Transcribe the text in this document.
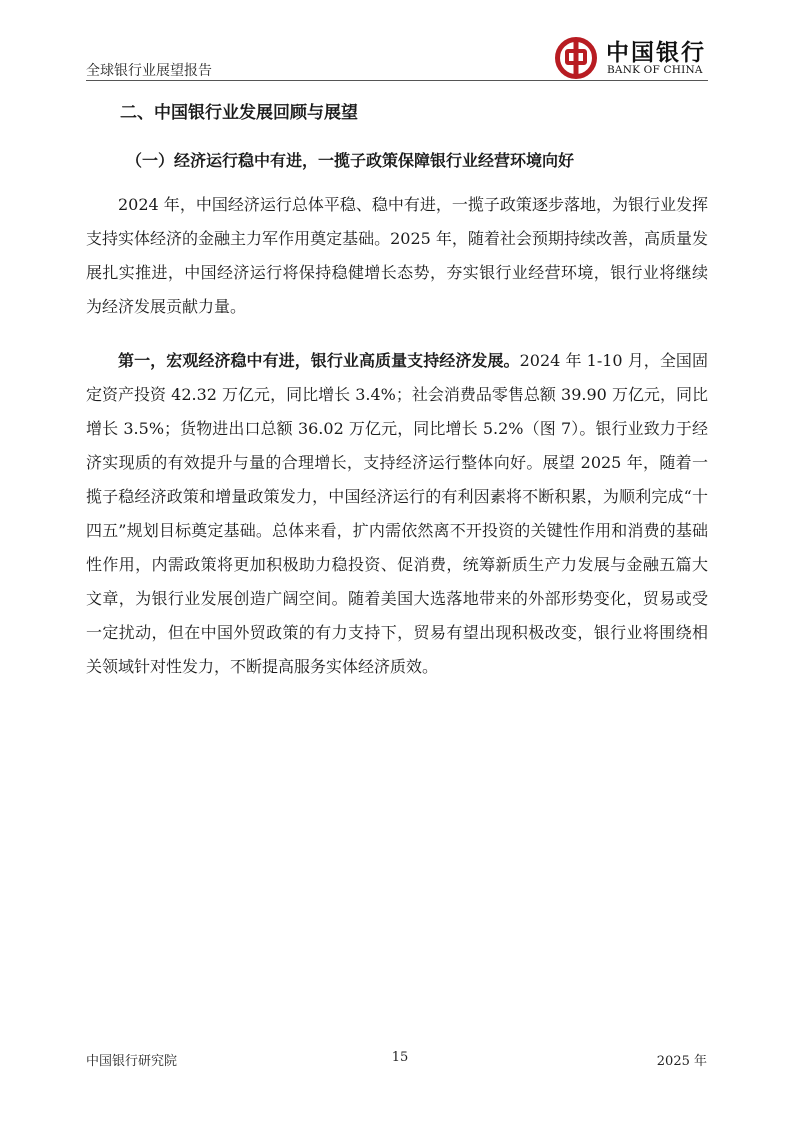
全球银行业展望报告
中国银行
BANK OF CHINA
二、中国银行业发展回顾与展望
（一）经济运行稳中有进，一揽子政策保障银行业经营环境向好
2024 年，中国经济运行总体平稳、稳中有进，一揽子政策逐步落地，为银行业发挥支持实体经济的金融主力军作用奠定基础。2025 年，随着社会预期持续改善，高质量发展扎实推进，中国经济运行将保持稳健增长态势，夯实银行业经营环境，银行业将继续为经济发展贡献力量。
第一，宏观经济稳中有进，银行业高质量支持经济发展。2024 年 1-10 月，全国固定资产投资 42.32 万亿元，同比增长 3.4%；社会消费品零售总额 39.90 万亿元，同比增长 3.5%；货物进出口总额 36.02 万亿元，同比增长 5.2%（图 7）。银行业致力于经济实现质的有效提升与量的合理增长，支持经济运行整体向好。展望 2025 年，随着一揽子稳经济政策和增量政策发力，中国经济运行的有利因素将不断积累，为顺利完成“十四五”规划目标奠定基础。总体来看，扩内需依然离不开投资的关键性作用和消费的基础性作用，内需政策将更加积极助力稳投资、促消费，统筹新质生产力发展与金融五篇大文章，为银行业发展创造广阔空间。随着美国大选落地带来的外部形势变化，贸易或受一定扰动，但在中国外贸政策的有力支持下，贸易有望出现积极改变，银行业将围绕相关领域针对性发力，不断提高服务实体经济质效。
中国银行研究院	15	2025 年
